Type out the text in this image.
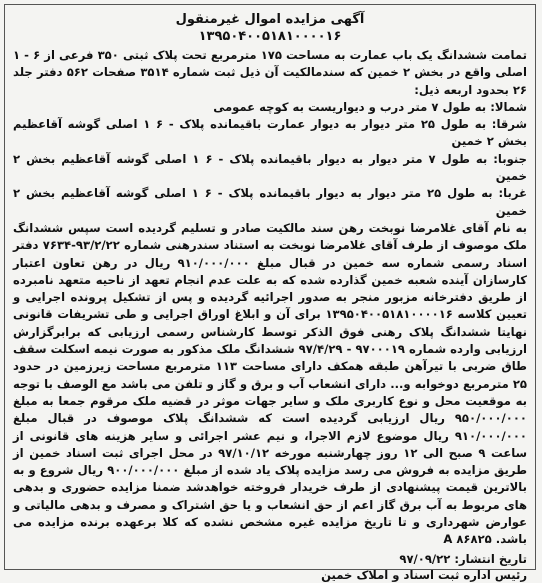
آگهی مزایده اموال غیرمنقول
۱۳۹۵۰۴۰۰۵۱۸۱۰۰۰۰۱۶

تمامت ششدانگ یک باب عمارت به مساحت ۱۷۵ مترمربع تحت پلاک ثبتی ۳۵۰ فرعی از ۶ - ۱ اصلی واقع در بخش ۲ خمین که سندمالکیت آن ذیل ثبت شماره ۳۵۱۴ صفحات ۵۶۲ دفتر جلد ۲۶ بحدود اربعه ذیل:

شمالا: به طول ۷ متر درب و دیواریست به کوچه عمومی

شرقا: به طول ۲۵ متر دیوار به دیوار عمارت باقیمانده پلاک - ۶ ۱ اصلی گوشه آقاعظیم بخش ۲ خمین

جنوبا: به طول ۷ متر دیوار به دیوار باقیمانده پلاک - ۶ ۱ اصلی گوشه آقاعظیم بخش ۲ خمین

غربا: به طول ۲۵ متر دیوار به دیوار باقیمانده پلاک - ۶ ۱ اصلی گوشه آقاعظیم بخش ۲ خمین

به نام آقای غلامرضا نوبخت رهن سند مالکیت صادر و تسلیم گردیده است سپس ششدانگ ملک موصوف از طرف آقای غلامرضا نوبخت به استناد سندرهنی شماره ۹۳/۲/۲۲-۷۶۳۴ دفتر اسناد رسمی شماره سه خمین در قبال مبلغ ۹۱۰/۰۰۰/۰۰۰ ریال در رهن تعاون اعتبار کارسازان آینده شعبه خمین گذارده شده که به علت عدم انجام تعهد از ناحیه متعهد نامبرده از طریق دفترخانه مزبور منجر به صدور اجرائیه گردیده و پس از تشکیل پرونده اجرایی و تعیین کلاسه ۱۳۹۵۰۴۰۰۵۱۸۱۰۰۰۰۱۶ برای آن و ابلاغ اوراق اجرایی و طی تشریفات قانونی نهایتا ششدانگ پلاک رهنی فوق الذکر توسط کارشناس رسمی ارزیابی که برابرگزارش ارزیابی وارده شماره ۹۷۰۰۰۱۹ - ۹۷/۴/۲۹ ششدانگ ملک مذکور به صورت نیمه اسکلت سقف طاق ضربی با تیرآهن طبقه همکف دارای مساحت ۱۱۳ مترمربع مساحت زیرزمین در حدود ۲۵ مترمربع دوخوابه و... دارای انشعاب آب و برق و گاز و تلفن می باشد مع الوصف با توجه به موقعیت محل و نوع کاربری ملک و سایر جهات موثر در قضیه ملک مرقوم جمعا به مبلغ ۹۵۰/۰۰۰/۰۰۰ ریال ارزیابی گردیده است که ششدانگ پلاک موصوف در قبال مبلغ ۹۱۰/۰۰۰/۰۰۰ ریال موضوع لازم الاجرا، و نیم عشر اجرائی و سایر هزینه های قانونی از ساعت ۹ صبح الی ۱۲ روز چهارشنبه مورخه ۹۷/۱۰/۱۲ در محل اجرای ثبت اسناد خمین از طریق مزایده به فروش می رسد مزایده پلاک یاد شده از مبلغ ۹۰۰/۰۰۰/۰۰۰ ریال شروع و به بالاترین قیمت پیشنهادی از طرف خریدار فروخته خواهدشد ضمنا مزایده حضوری و بدهی های مربوط به آب برق گاز اعم از حق انشعاب و یا حق اشتراک و مصرف و بدهی مالیاتی و عوارض شهرداری و تا تاریخ مزایده غیره مشخص نشده که کلا برعهده برنده مزایده می باشد. ۸۶۸۲۵ A

تاریخ انتشار: ۹۷/۰۹/۲۲

رئیس اداره ثبت اسناد و املاک خمین
